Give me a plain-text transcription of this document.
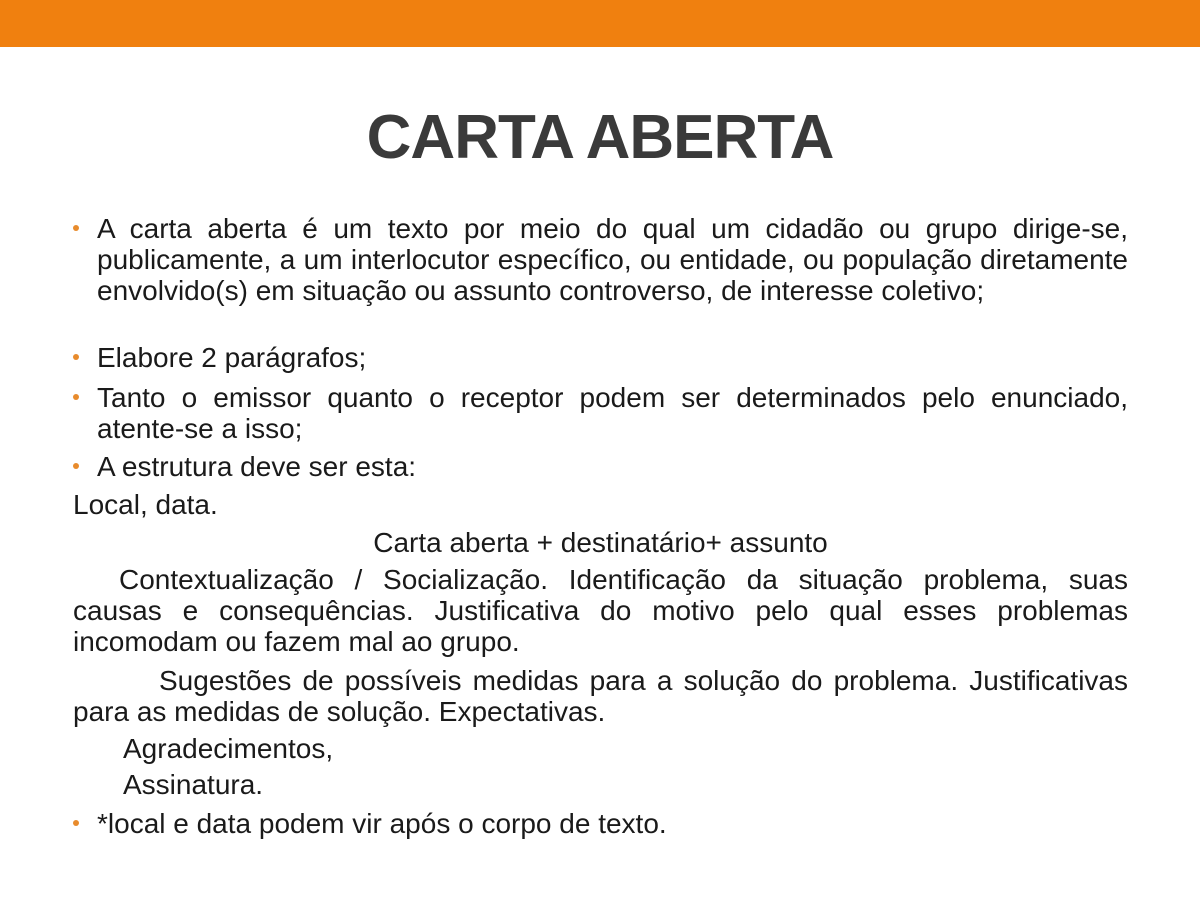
CARTA ABERTA
A carta aberta é um texto por meio do qual um cidadão ou grupo dirige-se, publicamente, a um interlocutor específico, ou entidade, ou população diretamente envolvido(s) em situação ou assunto controverso, de interesse coletivo;
Elabore 2 parágrafos;
Tanto o emissor quanto o receptor podem ser determinados pelo enunciado, atente-se a isso;
A estrutura deve ser esta:
Local, data.
Carta aberta + destinatário+ assunto
Contextualização / Socialização. Identificação da situação problema, suas causas e consequências. Justificativa do motivo pelo qual esses problemas incomodam ou fazem mal ao grupo.
Sugestões de possíveis medidas para a solução do problema. Justificativas para as medidas de solução. Expectativas.
Agradecimentos,
Assinatura.
*local e data podem vir após o corpo de texto.
